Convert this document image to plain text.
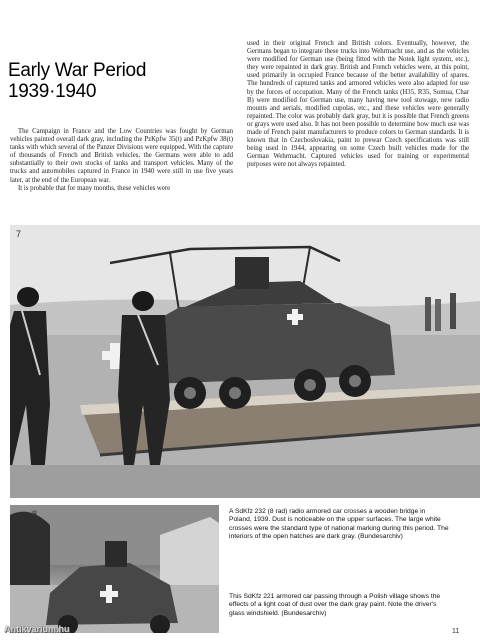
Early War Period
1939·1940

The Campaign in France and the Low Countries was fought by German vehicles painted overall dark gray, including the PzKpfw 35(t) and PzKpfw 38(t) tanks with which several of the Panzer Divisions were equipped. With the capture of thousands of French and British vehicles, the Germans were able to add substantially to their own stocks of tanks and transport vehicles. Many of the trucks and automobiles captured in France in 1940 were still in use five years later, at the end of the European war.

It is probable that for many months, these vehicles were

used in their original French and British colors. Eventually, however, the Germans began to integrate these trucks into Wehrmacht use, and as the vehicles were modified for German use (being fitted with the Notek light system, etc.), they were repainted in dark gray. British and French vehicles were, at this point, used primarily in occupied France because of the better availability of spares. The hundreds of captured tanks and armored vehicles were also adapted for use by the forces of occupation. Many of the French tanks (H35, R35, Somua, Char B) were modified for German use, many having new tool stowage, new radio mounts and aerials, modified cupolas, etc., and these vehicles were generally repainted. The color was probably dark gray, but it is possible that French greens or grays were used also. It has not been possible to determine how much use was made of French paint manufacturers to produce colors to German standards. It is known that in Czechoslovakia, paint to prewar Czech specifications was still being used in 1944, appearing on some Czech built vehicles made for the German Wehrmacht. Captured vehicles used for training or experimental purposes were not always repainted.

7
8	A SdKfz 232 (8 rad) radio armored car crosses a wooden bridge in Poland, 1939. Dust is noticeable on the upper surfaces. The large white crosses were the standard type of national marking during this period. The interiors of the open hatches are dark gray. (Bundesarchiv)
This SdKfz 221 armored car passing through a Polish village shows the effects of a light coat of dust over the dark gray paint. Note the driver's glass windshield. (Bundesarchiv)
11
Antikvarium.hu
